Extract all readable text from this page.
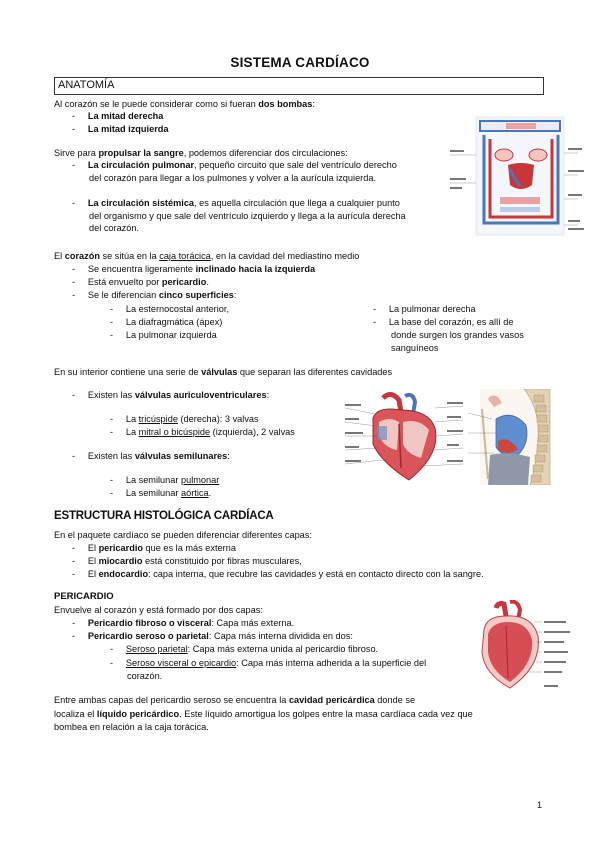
SISTEMA CARDÍACO
ANATOMÍA
Al corazón se le puede considerar como si fueran dos bombas:
-     La mitad derecha
-     La mitad izquierda
Sirve para propulsar la sangre, podemos diferenciar dos circulaciones:
-     La circulación pulmonar, pequeño circuito que sale del ventrículo derecho
del corazón para llegar a los pulmones y volver a la aurícula izquierda.
-     La circulación sistémica, es aquella circulación que llega a cualquier punto
del organismo y que sale del ventrículo izquierdo y llega a la aurícula derecha
del corazón.
El corazón se sitúa en la caja torácica, en la cavidad del mediastino medio
-     Se encuentra ligeramente inclinado hacia la izquierda
-     Está envuelto por pericardio.
-     Se le diferencian cinco superficies:
-     La esternocostal anterior,
-     La diafragmática (ápex)
-     La pulmonar izquierda
-     La pulmonar derecha
-     La base del corazón, es allí de
donde surgen los grandes vasos
sanguíneos
En su interior contiene una serie de válvulas que separan las diferentes cavidades
-     Existen las válvulas auriculoventriculares:
-     La tricúspide (derecha): 3 valvas
-     La mitral o bicúspide (izquierda), 2 valvas
-     Existen las válvulas semilunares:
-     La semilunar pulmonar
-     La semilunar aórtica.
ESTRUCTURA HISTOLÓGICA CARDÍACA
En el paquete cardíaco se pueden diferenciar diferentes capas:
-     El pericardio que es la más externa
-     El miocardio está constituido por fibras musculares,
-     El endocardio: capa interna, que recubre las cavidades y está en contacto directo con la sangre.
PERICARDIO
Envuelve al corazón y está formado por dos capas:
-     Pericardio fibroso o visceral: Capa más externa.
-     Pericardio seroso o parietal: Capa más interna dividida en dos:
-     Seroso parietal: Capa más externa unida al pericardio fibroso.
-     Seroso visceral o epicardio: Capa más interna adherida a la superficie del
corazón.
Entre ambas capas del pericardio seroso se encuentra la cavidad pericárdica donde se
localiza el líquido pericárdico. Este líquido amortigua los golpes entre la masa cardíaca cada vez que
bombea en relación a la caja torácica.
1
